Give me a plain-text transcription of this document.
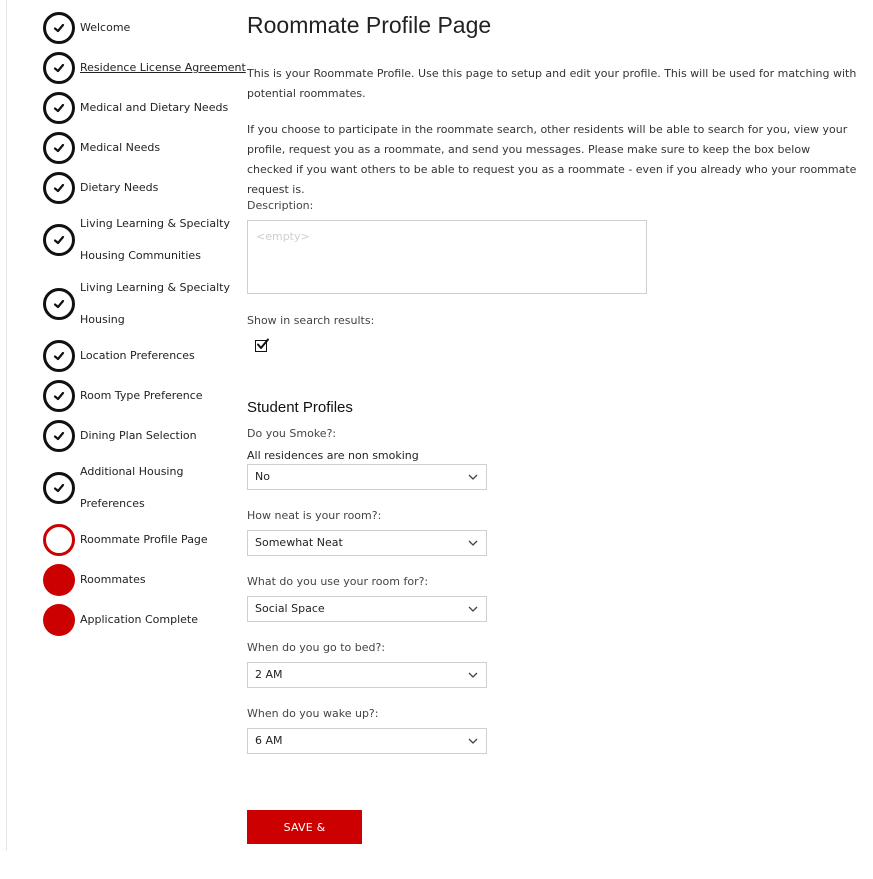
Welcome
Residence License Agreement
Medical and Dietary Needs
Medical Needs
Dietary Needs
Living Learning & Specialty
Housing Communities
Living Learning & Specialty
Housing
Location Preferences
Room Type Preference
Dining Plan Selection
Additional Housing
Preferences
Roommate Profile Page
Roommates
Application Complete
Roommate Profile Page

This is your Roommate Profile. Use this page to setup and edit your profile. This will be used for matching with potential roommates.

If you choose to participate in the roommate search, other residents will be able to search for you, view your profile, request you as a roommate, and send you messages. Please make sure to keep the box below checked if you want others to be able to request you as a roommate - even if you already who your roommate request is.

Description:
<empty>
Show in search results:
Student Profiles
Do you Smoke?:
All residences are non smoking
No
How neat is your room?:
Somewhat Neat
What do you use your room for?:
Social Space
When do you go to bed?:
2 AM
When do you wake up?:
6 AM
SAVE & CONTINUE
